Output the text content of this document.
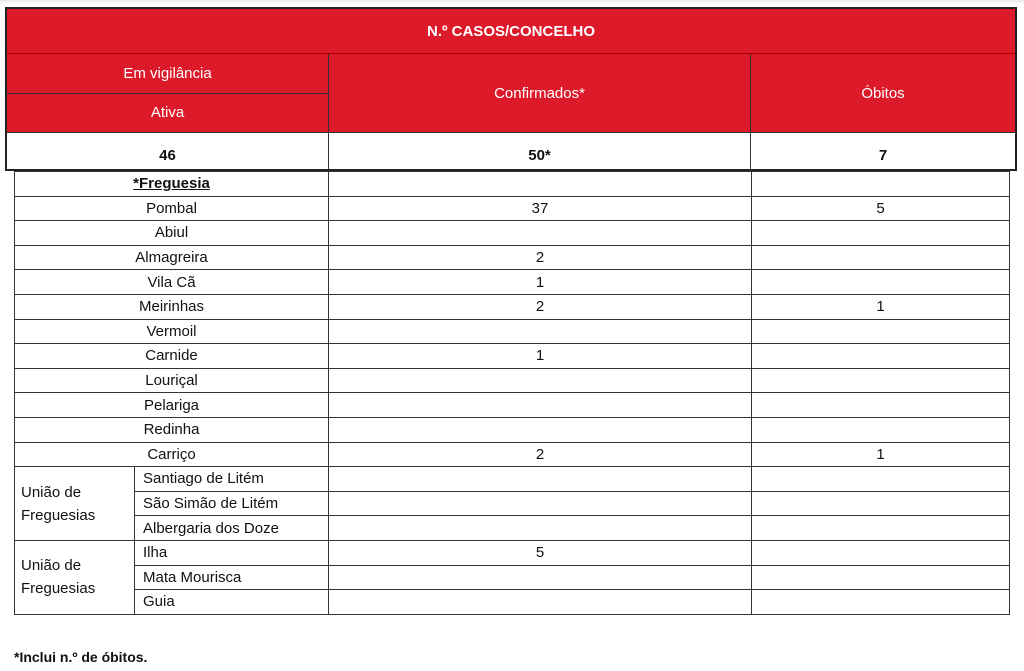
N.º CASOS/CONCELHO
Em vigilância
Ativa
Confirmados*	Óbitos
46	50*	7
*Freguesia			
Pombal		37	5
Abiul			
Almagreira		2	
Vila Cã		1	
Meirinhas		2	1
Vermoil			
Carnide		1	
Louriçal			
Pelariga			
Redinha			
Carriço		2	1
União de Freguesias	Santiago de Litém		
	São Simão de Litém		
	Albergaria dos Doze		
União de Freguesias	Ilha	5	
	Mata Mourisca		
	Guia		
*Inclui n.º de óbitos.
